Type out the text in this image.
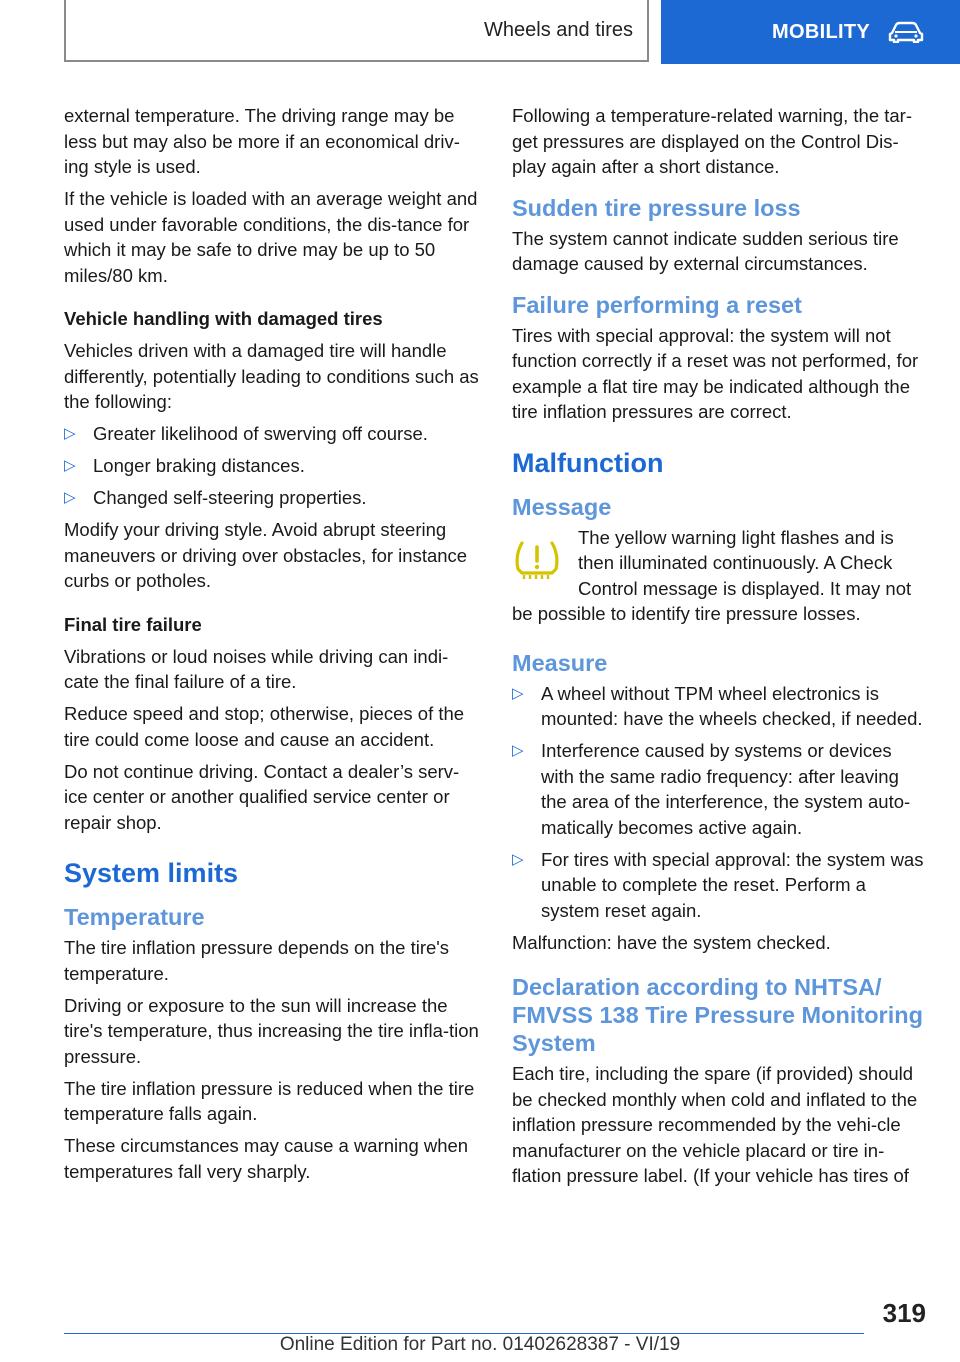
Wheels and tires	MOBILITY

external temperature. The driving range may be less but may also be more if an economical driv-ing style is used.

If the vehicle is loaded with an average weight and used under favorable conditions, the dis-tance for which it may be safe to drive may be up to 50 miles/80 km.

Vehicle handling with damaged tires

Vehicles driven with a damaged tire will handle differently, potentially leading to conditions such as the following:

▷ Greater likelihood of swerving off course.
▷ Longer braking distances.
▷ Changed self-steering properties.

Modify your driving style. Avoid abrupt steering maneuvers or driving over obstacles, for instance curbs or potholes.

Final tire failure

Vibrations or loud noises while driving can indi-cate the final failure of a tire.

Reduce speed and stop; otherwise, pieces of the tire could come loose and cause an accident.

Do not continue driving. Contact a dealer’s serv-ice center or another qualified service center or repair shop.

System limits
Temperature

The tire inflation pressure depends on the tire's temperature.

Driving or exposure to the sun will increase the tire's temperature, thus increasing the tire infla-tion pressure.

The tire inflation pressure is reduced when the tire temperature falls again.

These circumstances may cause a warning when temperatures fall very sharply.

Following a temperature-related warning, the tar-get pressures are displayed on the Control Dis-play again after a short distance.

Sudden tire pressure loss

The system cannot indicate sudden serious tire damage caused by external circumstances.

Failure performing a reset

Tires with special approval: the system will not function correctly if a reset was not performed, for example a flat tire may be indicated although the tire inflation pressures are correct.

Malfunction
Message
The yellow warning light flashes and is
then illuminated continuously. A Check
Control message is displayed. It may not

be possible to identify tire pressure losses.

Measure
▷ A wheel without TPM wheel electronics is mounted: have the wheels checked, if needed.
▷ Interference caused by systems or devices with the same radio frequency: after leaving the area of the interference, the system auto-matically becomes active again.
▷ For tires with special approval: the system was unable to complete the reset. Perform a system reset again.

Malfunction: have the system checked.

Declaration according to NHTSA/ FMVSS 138 Tire Pressure Monitoring System

Each tire, including the spare (if provided) should be checked monthly when cold and inflated to the inflation pressure recommended by the vehi-cle manufacturer on the vehicle placard or tire in-flation pressure label. (If your vehicle has tires of

319
Online Edition for Part no. 01402628387 - VI/19
